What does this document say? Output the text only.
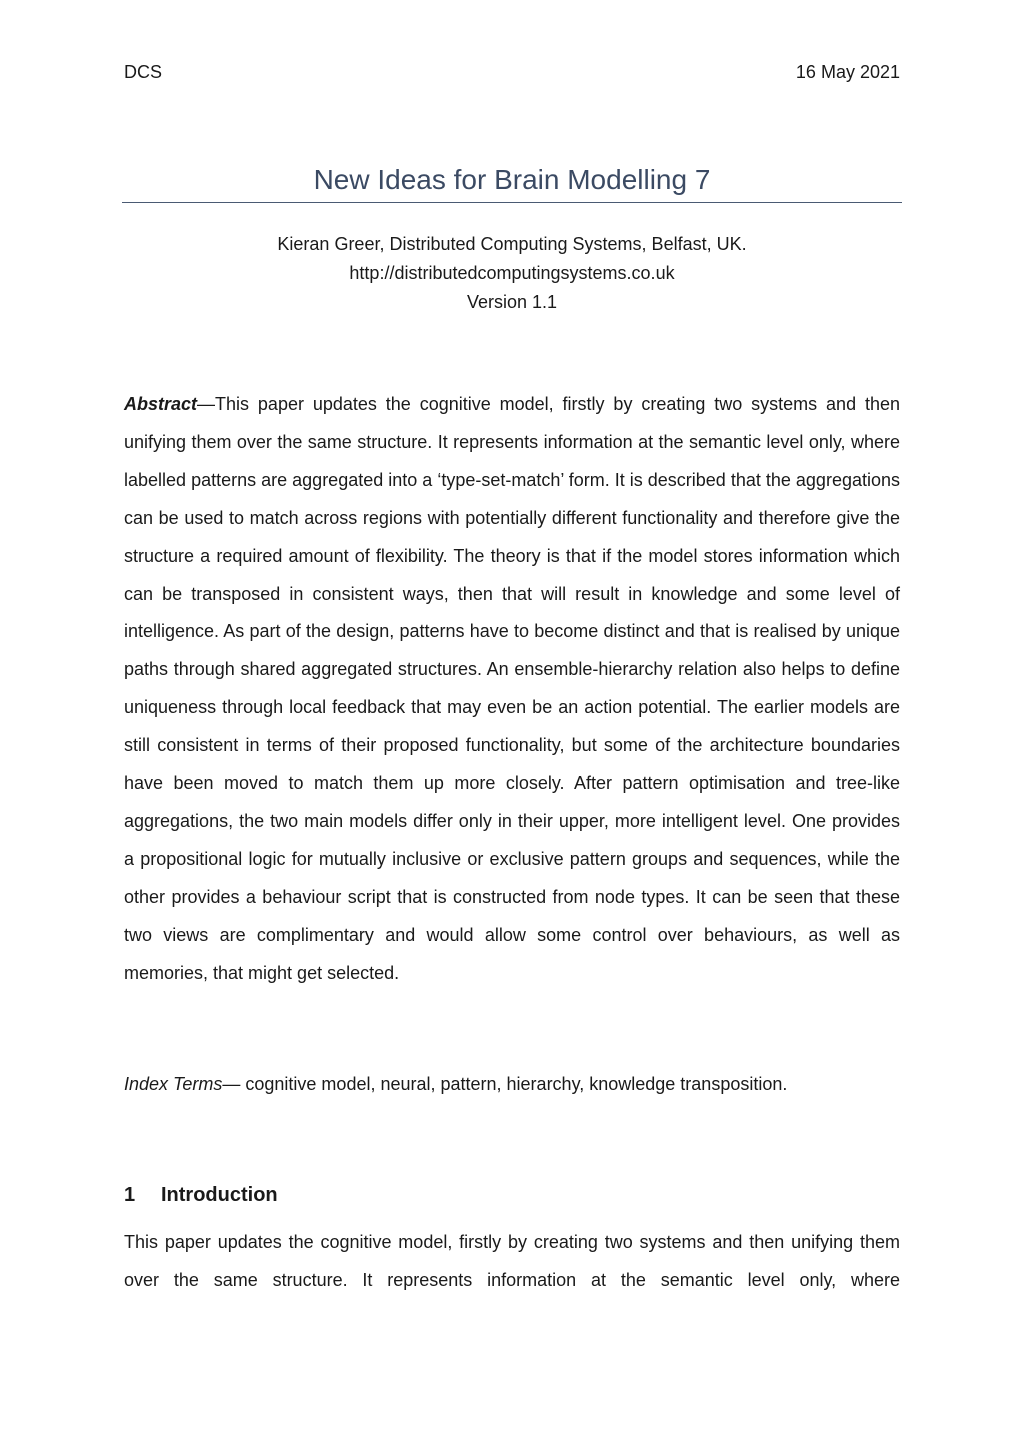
DCS	16 May 2021
New Ideas for Brain Modelling 7
Kieran Greer, Distributed Computing Systems, Belfast, UK.
http://distributedcomputingsystems.co.uk
Version 1.1

Abstract—This paper updates the cognitive model, firstly by creating two systems and then unifying them over the same structure. It represents information at the semantic level only, where labelled patterns are aggregated into a ‘type-set-match’ form. It is described that the aggregations can be used to match across regions with potentially different functionality and therefore give the structure a required amount of flexibility. The theory is that if the model stores information which can be transposed in consistent ways, then that will result in knowledge and some level of intelligence. As part of the design, patterns have to become distinct and that is realised by unique paths through shared aggregated structures. An ensemble-hierarchy relation also helps to define uniqueness through local feedback that may even be an action potential. The earlier models are still consistent in terms of their proposed functionality, but some of the architecture boundaries have been moved to match them up more closely. After pattern optimisation and tree-like aggregations, the two main models differ only in their upper, more intelligent level. One provides a propositional logic for mutually inclusive or exclusive pattern groups and sequences, while the other provides a behaviour script that is constructed from node types. It can be seen that these two views are complimentary and would allow some control over behaviours, as well as memories, that might get selected.

Index Terms— cognitive model, neural, pattern, hierarchy, knowledge transposition.

1	Introduction

This paper updates the cognitive model, firstly by creating two systems and then unifying them over the same structure. It represents information at the semantic level only, where
